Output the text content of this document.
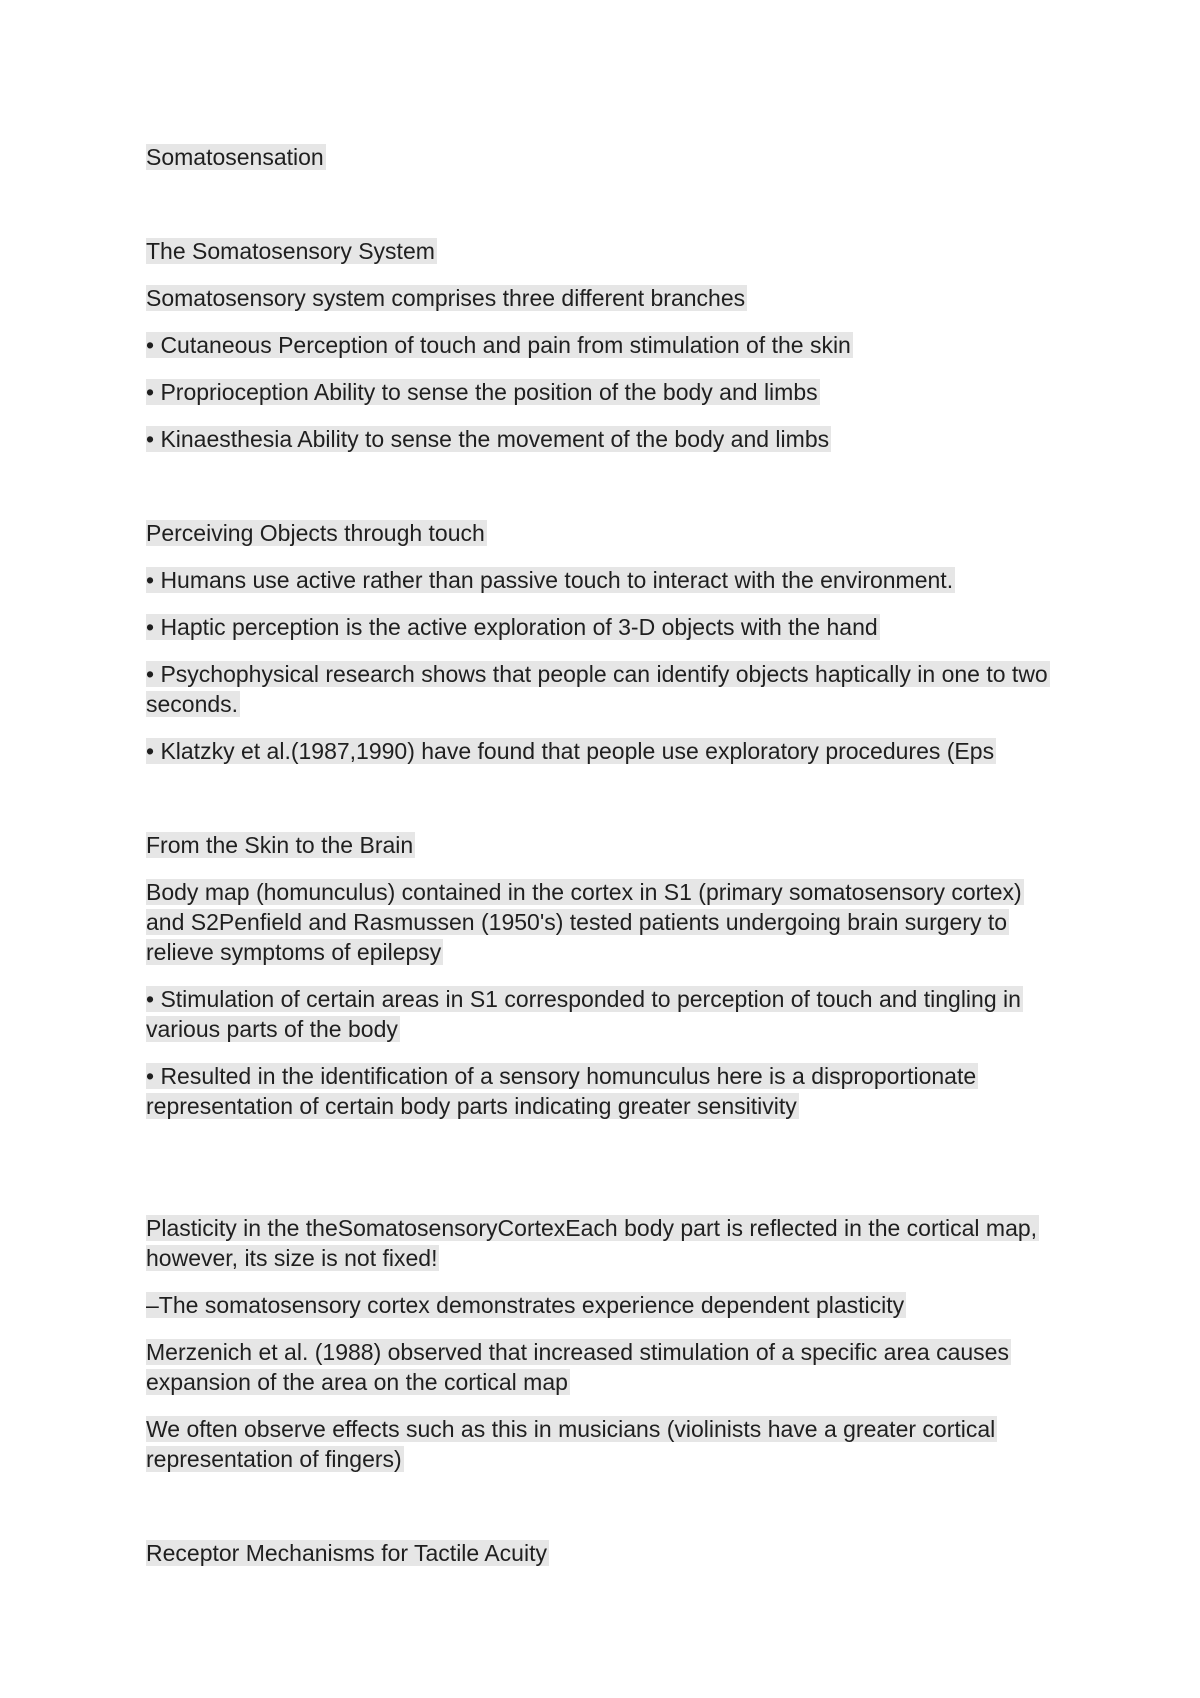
Somatosensation

The Somatosensory System

Somatosensory system comprises three different branches

• Cutaneous Perception of touch and pain from stimulation of the skin

• Proprioception Ability to sense the position of the body and limbs

• Kinaesthesia Ability to sense the movement of the body and limbs

Perceiving Objects through touch

• Humans use active rather than passive touch to interact with the environment.

• Haptic perception is the active exploration of 3-D objects with the hand

• Psychophysical research shows that people can identify objects haptically in one to two seconds.

• Klatzky et al.(1987,1990) have found that people use exploratory procedures (Eps

From the Skin to the Brain

Body map (homunculus) contained in the cortex in S1 (primary somatosensory cortex) and S2Penfield and Rasmussen (1950's) tested patients undergoing brain surgery to relieve symptoms of epilepsy

• Stimulation of certain areas in S1 corresponded to perception of touch and tingling in various parts of the body

• Resulted in the identification of a sensory homunculus here is a disproportionate representation of certain body parts indicating greater sensitivity

Plasticity in the theSomatosensoryCortexEach body part is reflected in the cortical map, however, its size is not fixed!

–The somatosensory cortex demonstrates experience dependent plasticity

Merzenich et al. (1988) observed that increased stimulation of a specific area causes expansion of the area on the cortical map

We often observe effects such as this in musicians (violinists have a greater cortical representation of fingers)

Receptor Mechanisms for Tactile Acuity
